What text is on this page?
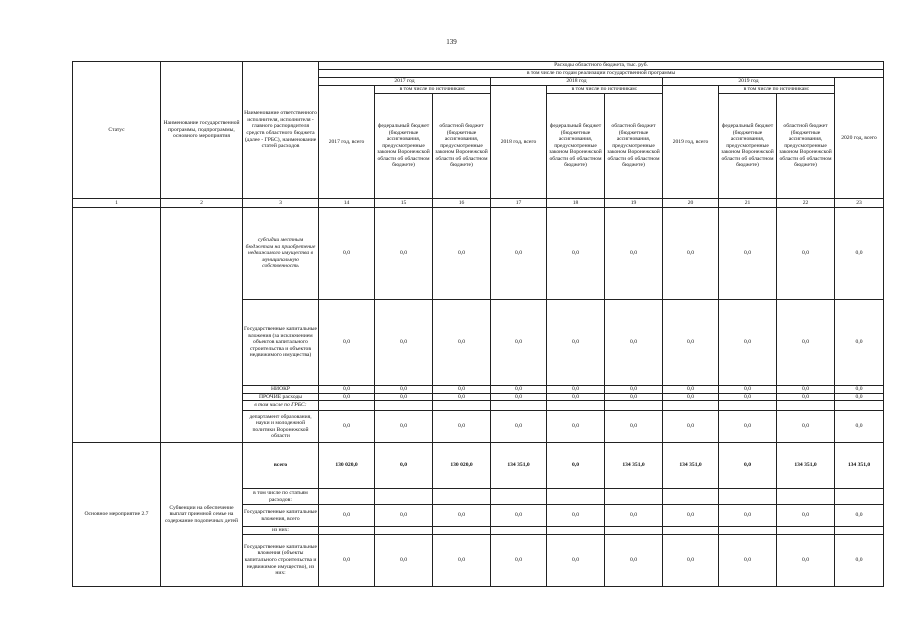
139
Статус	Наименование государственной программы, подпрограммы, основного мероприятия	Наименование ответственного исполнителя, исполнителя - главного распорядителя средств областного бюджета (далее - ГРБС), наименование статей расходов	Расходы областного бюджета, тыс. руб.									
			в том числе по годам реализации государственной программы									
			2017 год			2018 год			2019 год			2020 год, всего
			2017 год, всего	в том числе по источникам:		2018 год, всего	в том числе по источникам:		2019 год, всего	в том числе по источникам:		
				федеральный бюджет (бюджетные ассигнования, предусмотренные законом Воронежской области об областном бюджете)	областной бюджет (бюджетные ассигнования, предусмотренные законом Воронежской области об областном бюджете)		федеральный бюджет (бюджетные ассигнования, предусмотренные законом Воронежской области об областном бюджете)	областной бюджет (бюджетные ассигнования, предусмотренные законом Воронежской области об областном бюджете)		федеральный бюджет (бюджетные ассигнования, предусмотренные законом Воронежской области об областном бюджете)	областной бюджет (бюджетные ассигнования, предусмотренные законом Воронежской области об областном бюджете)	
1	2	3	14	15	16	17	18	19	20	21	22	23
		субсидии местным бюджетам на приобретение недвижимого имущества в муниципальную собственность	0,0	0,0	0,0	0,0	0,0	0,0	0,0	0,0	0,0	0,0
		Государственные капитальные вложения (за исключением объектов капитального строительства и объектов недвижимого имущества)	0,0	0,0	0,0	0,0	0,0	0,0	0,0	0,0	0,0	0,0
		НИОКР	0,0	0,0	0,0	0,0	0,0	0,0	0,0	0,0	0,0	0,0
		ПРОЧИЕ расходы	0,0	0,0	0,0	0,0	0,0	0,0	0,0	0,0	0,0	0,0
		в том числе по ГРБС:										
		департамент образования, науки и молодежной политики Воронежской области	0,0	0,0	0,0	0,0	0,0	0,0	0,0	0,0	0,0	0,0
Основное мероприятие 2.7	Субвенции на обеспечение выплат приемной семье на содержание подопечных детей	всего	130 020,0	0,0	130 020,0	134 351,0	0,0	134 351,0	134 351,0	0,0	134 351,0	134 351,0
		в том числе по статьям расходов:										
		Государственные капитальные вложения, всего	0,0	0,0	0,0	0,0	0,0	0,0	0,0	0,0	0,0	0,0
		из них:										
		Государственные капитальные вложения (объекты капитального строительства и недвижимое имущество), из них:	0,0	0,0	0,0	0,0	0,0	0,0	0,0	0,0	0,0	0,0
